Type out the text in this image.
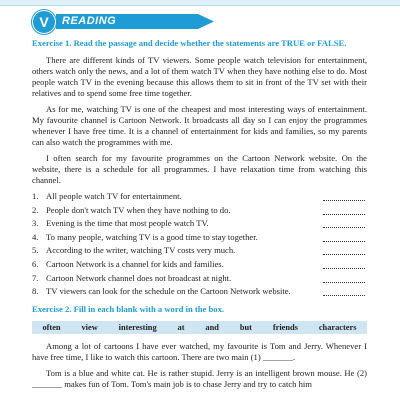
V	READING
Exercise 1. Read the passage and decide whether the statements are TRUE or FALSE.

There are different kinds of TV viewers. Some people watch television for entertainment, others watch only the news, and a lot of them watch TV when they have nothing else to do. Most people watch TV in the evening because this allows them to sit in front of the TV set with their relatives and to spend some free time together.

As for me, watching TV is one of the cheapest and most interesting ways of entertainment. My favourite channel is Cartoon Network. It broadcasts all day so I can enjoy the programmes whenever I have free time. It is a channel of entertainment for kids and families, so my parents can also watch the programmes with me.

I often search for my favourite programmes on the Cartoon Network website. On the website, there is a schedule for all programmes. I have relaxation time from watching this channel.

1. All people watch TV for entertainment.
2. People don't watch TV when they have nothing to do.
3. Evening is the time that most people watch TV.
4. To many people, watching TV is a good time to stay together.
5. According to the writer, watching TV costs very much.
6. Cartoon Network is a channel for kids and families.
7. Cartoon Network channel does not broadcast at night.
8. TV viewers can look for the schedule on the Cartoon Network website.
Exercise 2. Fill in each blank with a word in the box.
often view interesting at and but friends characters

Among a lot of cartoons I have ever watched, my favourite is Tom and Jerry. Whenever I have free time, I like to watch this cartoon. There are two main (1) _______.

Tom is a blue and white cat. He is rather stupid. Jerry is an intelligent brown mouse. He (2) _______ makes fun of Tom. Tom's main job is to chase Jerry and try to catch him
